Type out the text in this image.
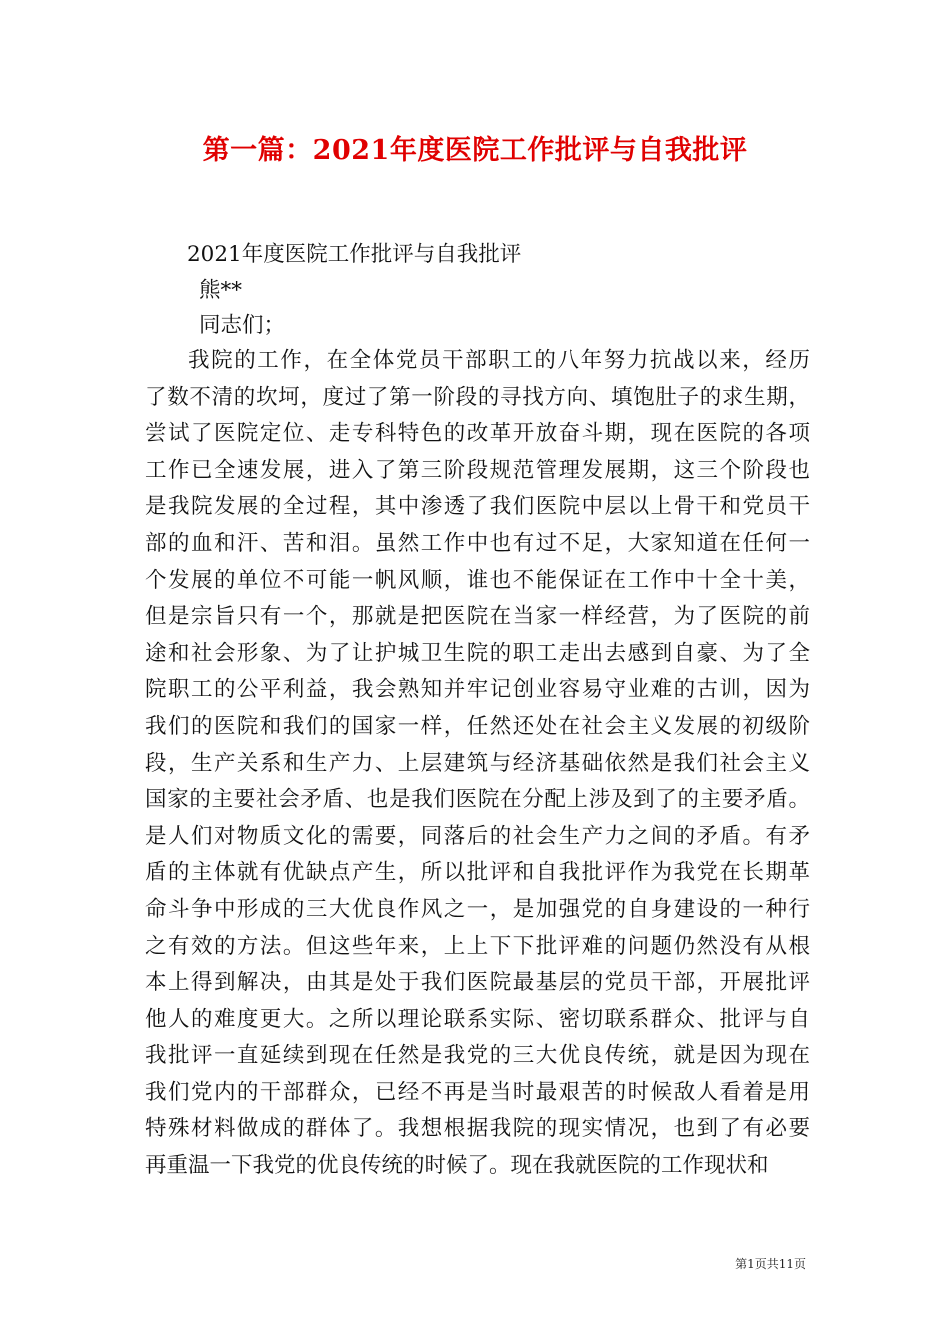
第一篇：2021年度医院工作批评与自我批评
2021年度医院工作批评与自我批评
熊**
同志们；
我院的工作，在全体党员干部职工的八年努力抗战以来，经历
了数不清的坎坷，度过了第一阶段的寻找方向、填饱肚子的求生期，
尝试了医院定位、走专科特色的改革开放奋斗期，现在医院的各项
工作已全速发展，进入了第三阶段规范管理发展期，这三个阶段也
是我院发展的全过程，其中渗透了我们医院中层以上骨干和党员干
部的血和汗、苦和泪。虽然工作中也有过不足，大家知道在任何一
个发展的单位不可能一帆风顺，谁也不能保证在工作中十全十美，
但是宗旨只有一个，那就是把医院在当家一样经营，为了医院的前
途和社会形象、为了让护城卫生院的职工走出去感到自豪、为了全
院职工的公平利益，我会熟知并牢记创业容易守业难的古训，因为
我们的医院和我们的国家一样，任然还处在社会主义发展的初级阶
段，生产关系和生产力、上层建筑与经济基础依然是我们社会主义
国家的主要社会矛盾、也是我们医院在分配上涉及到了的主要矛盾。
是人们对物质文化的需要，同落后的社会生产力之间的矛盾。有矛
盾的主体就有优缺点产生，所以批评和自我批评作为我党在长期革
命斗争中形成的三大优良作风之一，是加强党的自身建设的一种行
之有效的方法。但这些年来，上上下下批评难的问题仍然没有从根
本上得到解决，由其是处于我们医院最基层的党员干部，开展批评
他人的难度更大。之所以理论联系实际、密切联系群众、批评与自
我批评一直延续到现在任然是我党的三大优良传统，就是因为现在
我们党内的干部群众，已经不再是当时最艰苦的时候敌人看着是用
特殊材料做成的群体了。我想根据我院的现实情况，也到了有必要
再重温一下我党的优良传统的时候了。现在我就医院的工作现状和
第1页共11页
